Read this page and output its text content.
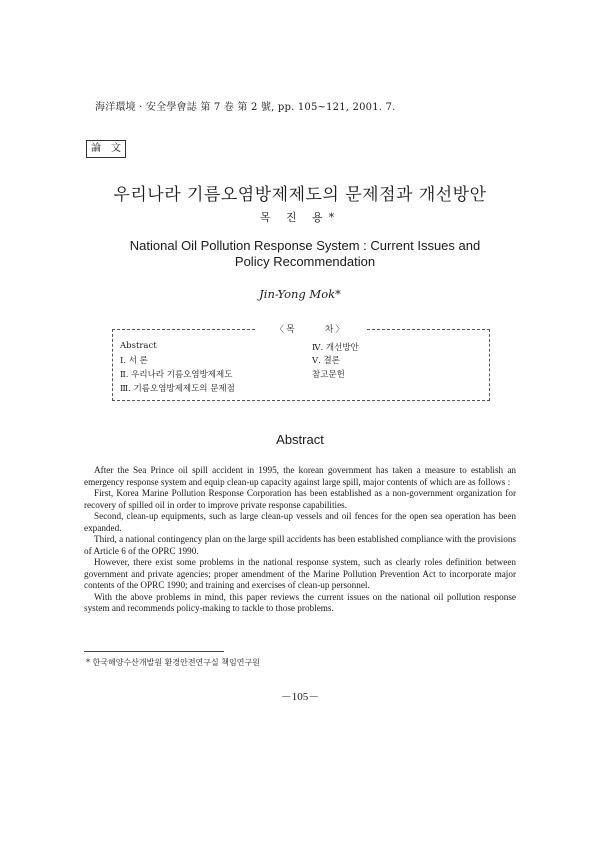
海洋環境 · 安全學會誌 第 7 卷 第 2 號, pp. 105~121, 2001. 7.
論　文
우리나라 기름오염방제제도의 문제점과 개선방안
목 진 용*
National Oil Pollution Response System : Current Issues and Policy Recommendation
Jin-Yong Mok*
〈목	차〉
Abstract
Ⅰ. 서 론
Ⅱ. 우리나라 기름오염방제제도
Ⅲ. 기름오염방제제도의 문제점
Ⅳ. 개선방안
Ⅴ. 결론
참고문헌
Abstract

After the Sea Prince oil spill accident in 1995, the korean government has taken a measure to establish an emergency response system and equip clean-up capacity against large spill, major contents of which are as follows :

First, Korea Marine Pollution Response Corporation has been established as a non-government organization for recovery of spilled oil in order to improve private response capabilities.

Second, clean-up equipments, such as large clean-up vessels and oil fences for the open sea operation has been expanded.

Third, a national contingency plan on the large spill accidents has been established compliance with the provisions of Article 6 of the OPRC 1990.

However, there exist some problems in the national response system, such as clearly roles definition between government and private agencies; proper amendment of the Marine Pollution Prevention Act to incorporate major contents of the OPRC 1990; and training and exercises of clean-up personnel.

With the above problems in mind, this paper reviews the current issues on the national oil pollution response system and recommends policy-making to tackle to those problems.

* 한국해양수산개발원 환경안전연구실 책임연구원
－105－
